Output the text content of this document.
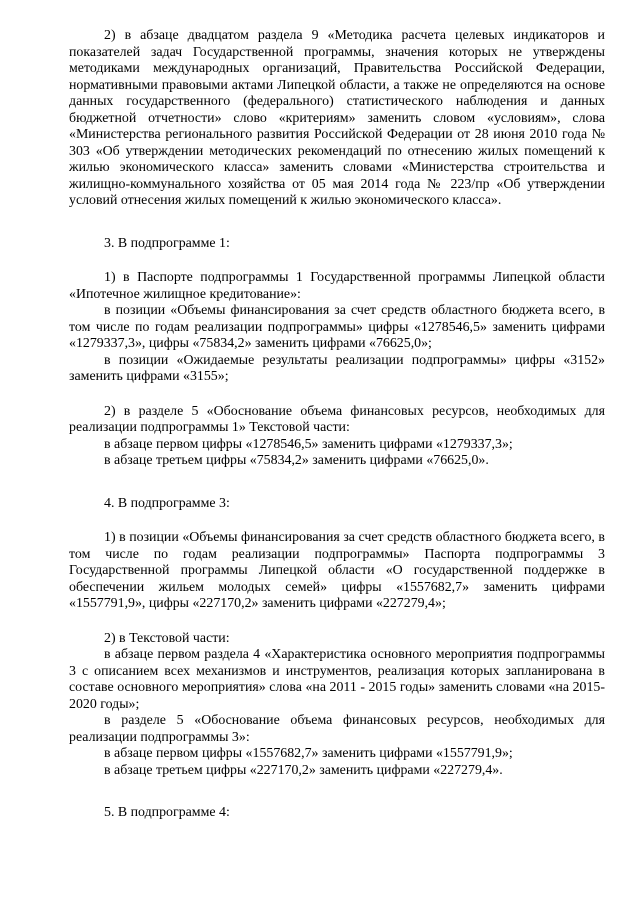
2) в абзаце двадцатом раздела 9 «Методика расчета целевых индикаторов и показателей задач Государственной программы, значения которых не утверждены методиками международных организаций, Правительства Российской Федерации, нормативными правовыми актами Липецкой области, а также не определяются на основе данных государственного (федерального) статистического наблюдения и данных бюджетной отчетности» слово «критериям» заменить словом «условиям», слова «Министерства регионального развития Российской Федерации от 28 июня 2010 года № 303 «Об утверждении методических рекомендаций по отнесению жилых помещений к жилью экономического класса» заменить словами «Министерства строительства и жилищно-коммунального хозяйства от 05 мая 2014 года № 223/пр «Об утверждении условий отнесения жилых помещений к жилью экономического класса».

3. В подпрограмме 1:

1) в Паспорте подпрограммы 1 Государственной программы Липецкой области «Ипотечное жилищное кредитование»:

в позиции «Объемы финансирования за счет средств областного бюджета всего, в том числе по годам реализации подпрограммы» цифры «1278546,5» заменить цифрами «1279337,3», цифры «75834,2» заменить цифрами «76625,0»;

в позиции «Ожидаемые результаты реализации подпрограммы» цифры «3152» заменить цифрами «3155»;

2) в разделе 5 «Обоснование объема финансовых ресурсов, необходимых для реализации подпрограммы 1» Текстовой части:

в абзаце первом цифры «1278546,5» заменить цифрами «1279337,3»;

в абзаце третьем цифры «75834,2» заменить цифрами «76625,0».

4. В подпрограмме 3:

1) в позиции «Объемы финансирования за счет средств областного бюджета всего, в том числе по годам реализации подпрограммы» Паспорта подпрограммы 3 Государственной программы Липецкой области «О государственной поддержке в обеспечении жильем молодых семей» цифры «1557682,7» заменить цифрами «1557791,9», цифры «227170,2» заменить цифрами «227279,4»;

2) в Текстовой части:

в абзаце первом раздела 4 «Характеристика основного мероприятия подпрограммы 3 с описанием всех механизмов и инструментов, реализация которых запланирована в составе основного мероприятия» слова «на 2011 - 2015 годы» заменить словами «на 2015-2020 годы»;

в разделе 5 «Обоснование объема финансовых ресурсов, необходимых для реализации подпрограммы 3»:

в абзаце первом цифры «1557682,7» заменить цифрами «1557791,9»;

в абзаце третьем цифры «227170,2» заменить цифрами «227279,4».

5. В подпрограмме 4:
